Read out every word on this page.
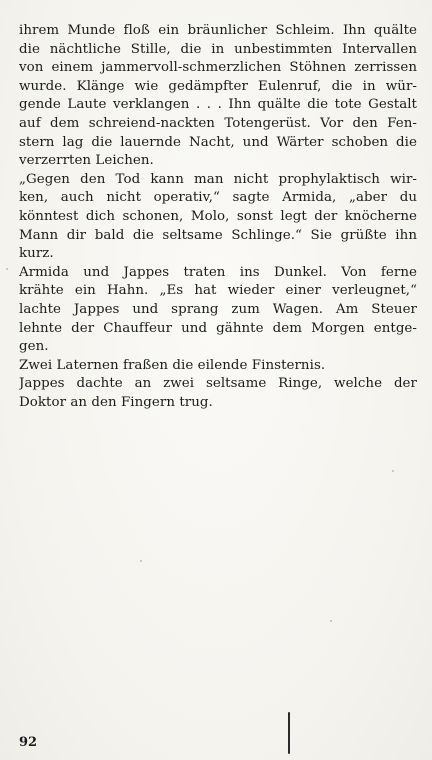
ihrem Munde floß ein bräunlicher Schleim. Ihn quälte
die nächtliche Stille, die in unbestimmten Intervallen
von einem jammervoll-schmerzlichen Stöhnen zerrissen
wurde. Klänge wie gedämpfter Eulenruf, die in wür-
gende Laute verklangen . . . Ihn quälte die tote Gestalt
auf dem schreiend-nackten Totengerüst. Vor den Fen-
stern lag die lauernde Nacht, und Wärter schoben die
verzerrten Leichen.
„Gegen den Tod kann man nicht prophylaktisch wir-
ken, auch nicht operativ,“ sagte Armida, „aber du
könntest dich schonen, Molo, sonst legt der knöcherne
Mann dir bald die seltsame Schlinge.“ Sie grüßte ihn
kurz.
Armida und Jappes traten ins Dunkel. Von ferne
krähte ein Hahn. „Es hat wieder einer verleugnet,“
lachte Jappes und sprang zum Wagen. Am Steuer
lehnte der Chauffeur und gähnte dem Morgen entge-
gen.
Zwei Laternen fraßen die eilende Finsternis.
Jappes dachte an zwei seltsame Ringe, welche der
Doktor an den Fingern trug.
92
